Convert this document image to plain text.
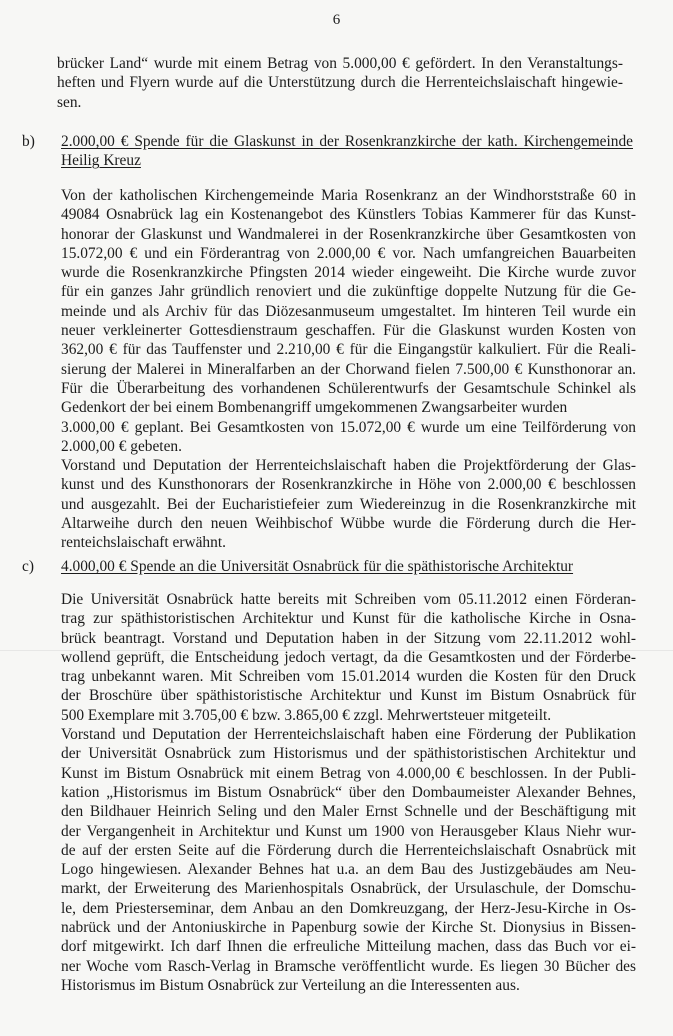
6
brücker Land“ wurde mit einem Betrag von 5.000,00 € gefördert. In den Veranstaltungs-
heften und Flyern wurde auf die Unterstützung durch die Herrenteichslaischaft hingewie-
sen.
b) 2.000,00 € Spende für die Glaskunst in der Rosenkranzkirche der kath. Kirchengemeinde
Heilig Kreuz
Von der katholischen Kirchengemeinde Maria Rosenkranz an der Windhorststraße 60 in
49084 Osnabrück lag ein Kostenangebot des Künstlers Tobias Kammerer für das Kunst-
honorar der Glaskunst und Wandmalerei in der Rosenkranzkirche über Gesamtkosten von
15.072,00 € und ein Förderantrag von 2.000,00 € vor. Nach umfangreichen Bauarbeiten
wurde die Rosenkranzkirche Pfingsten 2014 wieder eingeweiht. Die Kirche wurde zuvor
für ein ganzes Jahr gründlich renoviert und die zukünftige doppelte Nutzung für die Ge-
meinde und als Archiv für das Diözesanmuseum umgestaltet. Im hinteren Teil wurde ein
neuer verkleinerter Gottesdienstraum geschaffen. Für die Glaskunst wurden Kosten von
362,00 € für das Tauffenster und 2.210,00 € für die Eingangstür kalkuliert. Für die Reali-
sierung der Malerei in Mineralfarben an der Chorwand fielen 7.500,00 € Kunsthonorar an.
Für die Überarbeitung des vorhandenen Schülerentwurfs der Gesamtschule Schinkel als
Gedenkort der bei einem Bombenangriff umgekommenen Zwangsarbeiter wurden
3.000,00 € geplant. Bei Gesamtkosten von 15.072,00 € wurde um eine Teilförderung von
2.000,00 € gebeten.
Vorstand und Deputation der Herrenteichslaischaft haben die Projektförderung der Glas-
kunst und des Kunsthonorars der Rosenkranzkirche in Höhe von 2.000,00 € beschlossen
und ausgezahlt. Bei der Eucharistiefeier zum Wiedereinzug in die Rosenkranzkirche mit
Altarweihe durch den neuen Weihbischof Wübbe wurde die Förderung durch die Her-
renteichslaischaft erwähnt.
c) 4.000,00 € Spende an die Universität Osnabrück für die späthistorische Architektur
Die Universität Osnabrück hatte bereits mit Schreiben vom 05.11.2012 einen Förderan-
trag zur späthistoristischen Architektur und Kunst für die katholische Kirche in Osna-
brück beantragt. Vorstand und Deputation haben in der Sitzung vom 22.11.2012 wohl-
wollend geprüft, die Entscheidung jedoch vertagt, da die Gesamtkosten und der Förderbe-
trag unbekannt waren. Mit Schreiben vom 15.01.2014 wurden die Kosten für den Druck
der Broschüre über späthistoristische Architektur und Kunst im Bistum Osnabrück für
500 Exemplare mit 3.705,00 € bzw. 3.865,00 € zzgl. Mehrwertsteuer mitgeteilt.
Vorstand und Deputation der Herrenteichslaischaft haben eine Förderung der Publikation
der Universität Osnabrück zum Historismus und der späthistoristischen Architektur und
Kunst im Bistum Osnabrück mit einem Betrag von 4.000,00 € beschlossen. In der Publi-
kation „Historismus im Bistum Osnabrück“ über den Dombaumeister Alexander Behnes,
den Bildhauer Heinrich Seling und den Maler Ernst Schnelle und der Beschäftigung mit
der Vergangenheit in Architektur und Kunst um 1900 von Herausgeber Klaus Niehr wur-
de auf der ersten Seite auf die Förderung durch die Herrenteichslaischaft Osnabrück mit
Logo hingewiesen. Alexander Behnes hat u.a. an dem Bau des Justizgebäudes am Neu-
markt, der Erweiterung des Marienhospitals Osnabrück, der Ursulaschule, der Domschu-
le, dem Priesterseminar, dem Anbau an den Domkreuzgang, der Herz-Jesu-Kirche in Os-
nabrück und der Antoniuskirche in Papenburg sowie der Kirche St. Dionysius in Bissen-
dorf mitgewirkt. Ich darf Ihnen die erfreuliche Mitteilung machen, dass das Buch vor ei-
ner Woche vom Rasch-Verlag in Bramsche veröffentlicht wurde. Es liegen 30 Bücher des
Historismus im Bistum Osnabrück zur Verteilung an die Interessenten aus.
